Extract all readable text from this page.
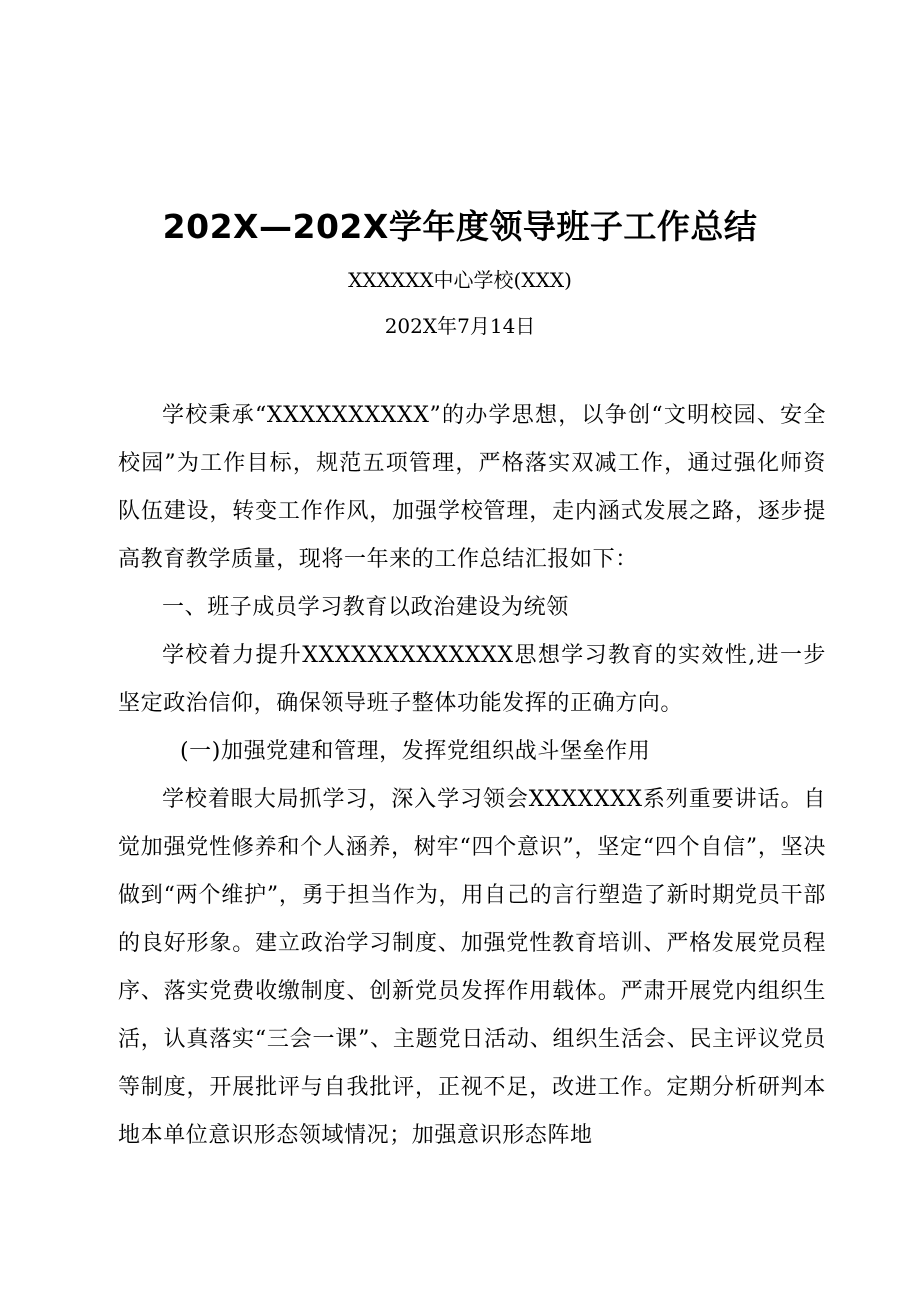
202X—202X学年度领导班子工作总结
XXXXXX中心学校(XXX)
202X年7月14日

学校秉承“XXXXXXXXXX”的办学思想，以争创“文明校园、安全校园”为工作目标，规范五项管理，严格落实双减工作，通过强化师资队伍建设，转变工作作风，加强学校管理，走内涵式发展之路，逐步提高教育教学质量，现将一年来的工作总结汇报如下：

一、班子成员学习教育以政治建设为统领

学校着力提升XXXXXXXXXXXXX思想学习教育的实效性,进一步坚定政治信仰，确保领导班子整体功能发挥的正确方向。

(一)加强党建和管理，发挥党组织战斗堡垒作用

学校着眼大局抓学习，深入学习领会XXXXXXX系列重要讲话。自觉加强党性修养和个人涵养，树牢“四个意识”，坚定“四个自信”，坚决做到“两个维护”，勇于担当作为，用自己的言行塑造了新时期党员干部的良好形象。建立政治学习制度、加强党性教育培训、严格发展党员程序、落实党费收缴制度、创新党员发挥作用载体。严肃开展党内组织生活，认真落实“三会一课”、主题党日活动、组织生活会、民主评议党员等制度，开展批评与自我批评，正视不足，改进工作。定期分析研判本地本单位意识形态领域情况；加强意识形态阵地
